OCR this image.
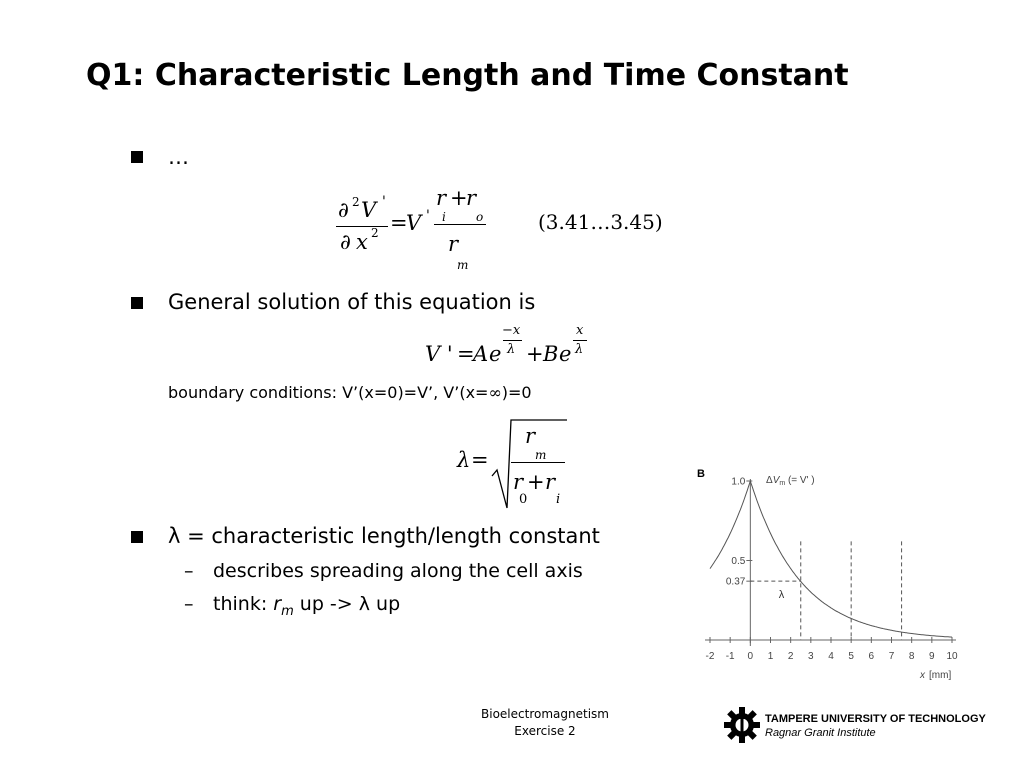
Q1: Characteristic Length and Time Constant
…
∂ 2 V '
∂ x 2 =
V '
r +
r
i	o
r
m
(3.41…3.45)
General solution of this equation is
V ' =
A e
−x
λ + B e
x
λ
boundary conditions: V’(x=0)=V’, V’(x=∞)=0
λ =
r
m
r + r
0 i
λ = characteristic length/length constant
– describes spreading along the cell axis
– think: $r_m$ up -> λ up
B
$\Delta V_m$ (= V' )
-2 -1 0 1 2 3 4 5 6 7 8 9 10
1.0
0.5
0.37
λ
x [mm]
Bioelectromagnetism
Exercise 2
TAMPERE UNIVERSITY OF TECHNOLOGY
Ragnar Granit Institute
